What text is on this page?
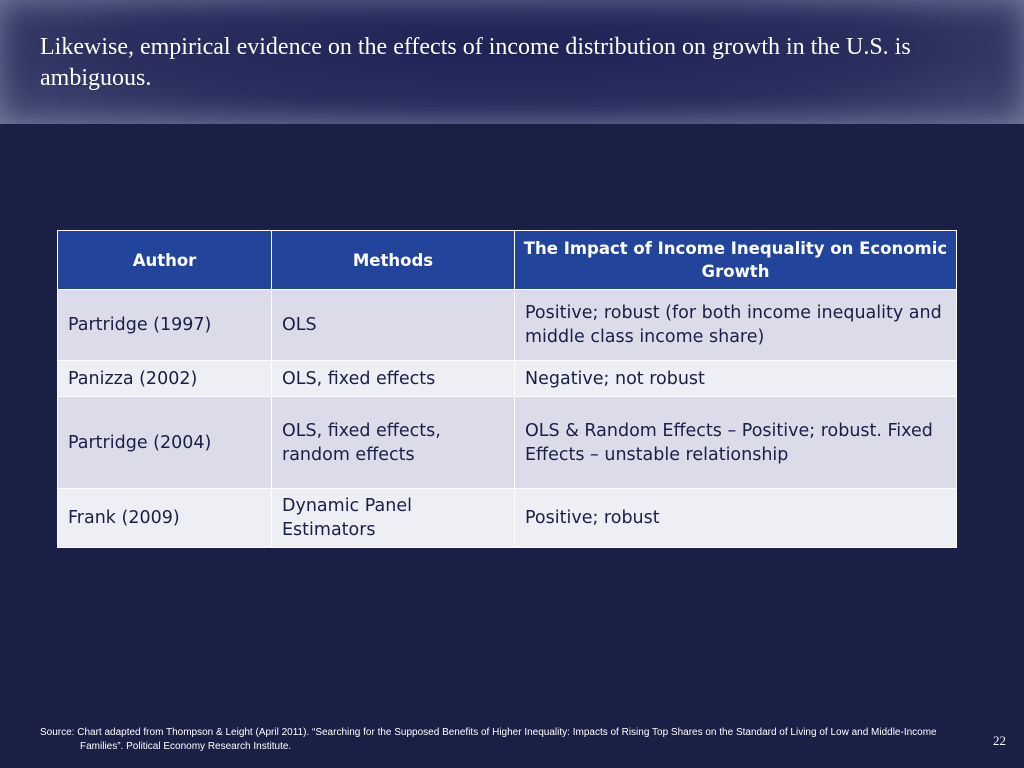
Likewise, empirical evidence on the effects of income distribution on growth in the U.S. is ambiguous.
Author	Methods	The Impact of Income Inequality on Economic Growth
Partridge (1997)	OLS	Positive; robust (for both income inequality and middle class income share)
Panizza (2002)	OLS, fixed effects	Negative; not robust
Partridge (2004)	OLS, fixed effects, random effects	OLS & Random Effects – Positive; robust. Fixed Effects – unstable relationship
Frank (2009)	Dynamic Panel Estimators	Positive; robust

Source: Chart adapted from Thompson & Leight (April 2011). “Searching for the Supposed Benefits of Higher Inequality: Impacts of Rising Top Shares on the Standard of Living of Low and Middle-Income Families”. Political Economy Research Institute.	22
